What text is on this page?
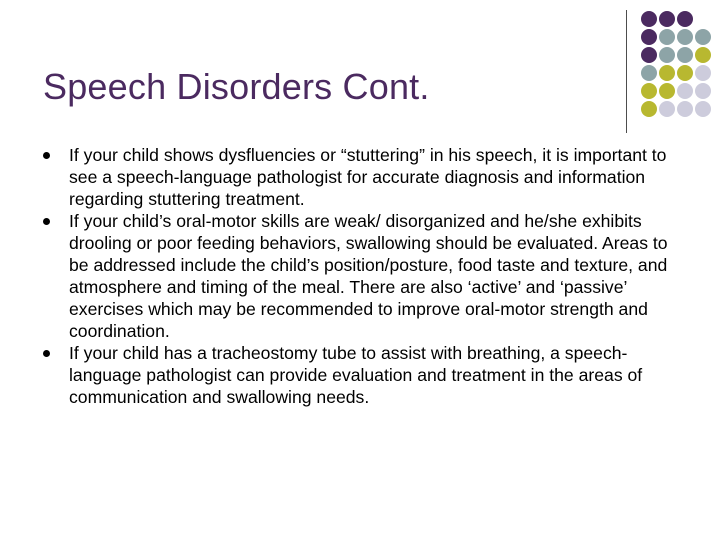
Speech Disorders Cont.
If your child shows dysfluencies or “stuttering” in his speech, it is important to see a speech-language pathologist for accurate diagnosis and information regarding stuttering treatment.
If your child’s oral-motor skills are weak/ disorganized and he/she exhibits drooling or poor feeding behaviors, swallowing should be evaluated. Areas to be addressed include the child’s position/posture, food taste and texture, and atmosphere and timing of the meal. There are also ‘active’ and ‘passive’ exercises which may be recommended to improve oral-motor strength and coordination.
If your child has a tracheostomy tube to assist with breathing, a speech-language pathologist can provide evaluation and treatment in the areas of communication and swallowing needs.
